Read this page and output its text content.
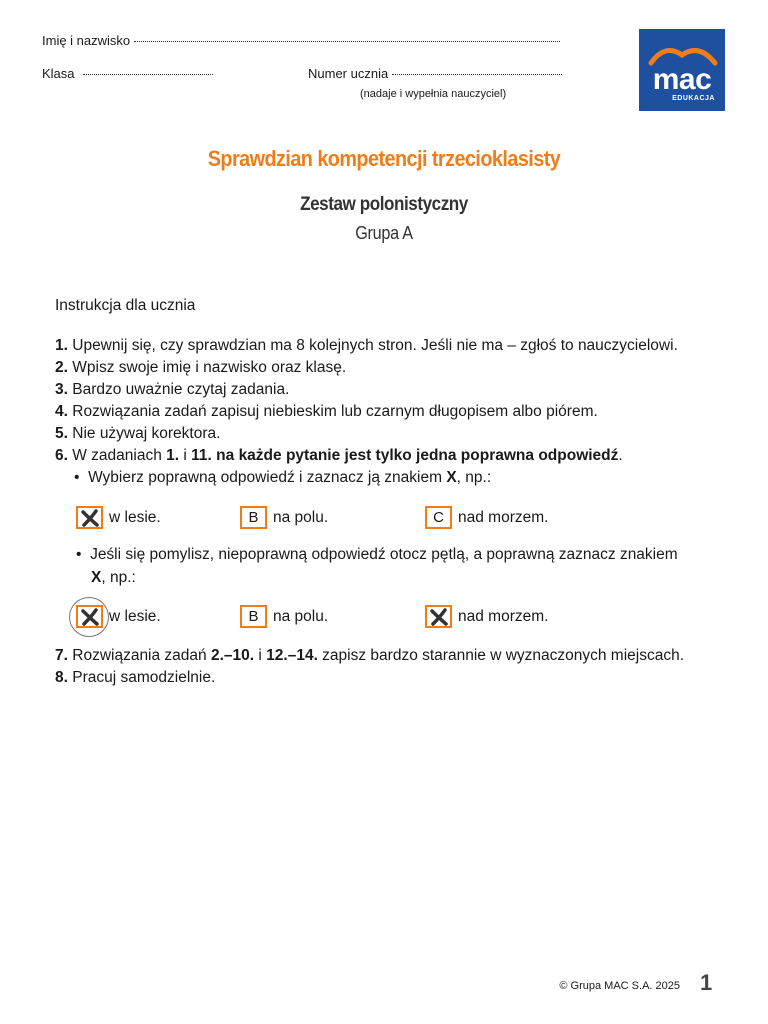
Imię i nazwisko
Klasa	Numer ucznia
(nadaje i wypełnia nauczyciel)	mac
EDUKACJA
Sprawdzian kompetencji trzecioklasisty
Zestaw polonistyczny
Grupa A
Instrukcja dla ucznia
1. Upewnij się, czy sprawdzian ma 8 kolejnych stron. Jeśli nie ma – zgłoś to nauczycielowi.
2. Wpisz swoje imię i nazwisko oraz klasę.
3. Bardzo uważnie czytaj zadania.
4. Rozwiązania zadań zapisuj niebieskim lub czarnym długopisem albo piórem.
5. Nie używaj korektora.
6. W zadaniach 1. i 11. na każde pytanie jest tylko jedna poprawna odpowiedź.
• Wybierz poprawną odpowiedź i zaznacz ją znakiem X, np.:
w lesie.	B na polu.	C nad morzem.
• Jeśli się pomylisz, niepoprawną odpowiedź otocz pętlą, a poprawną zaznacz znakiem
X, np.:
w lesie.	B na polu.	nad morzem.
7. Rozwiązania zadań 2.–10. i 12.–14. zapisz bardzo starannie w wyznaczonych miejscach.
8. Pracuj samodzielnie.
© Grupa MAC S.A. 2025 1
